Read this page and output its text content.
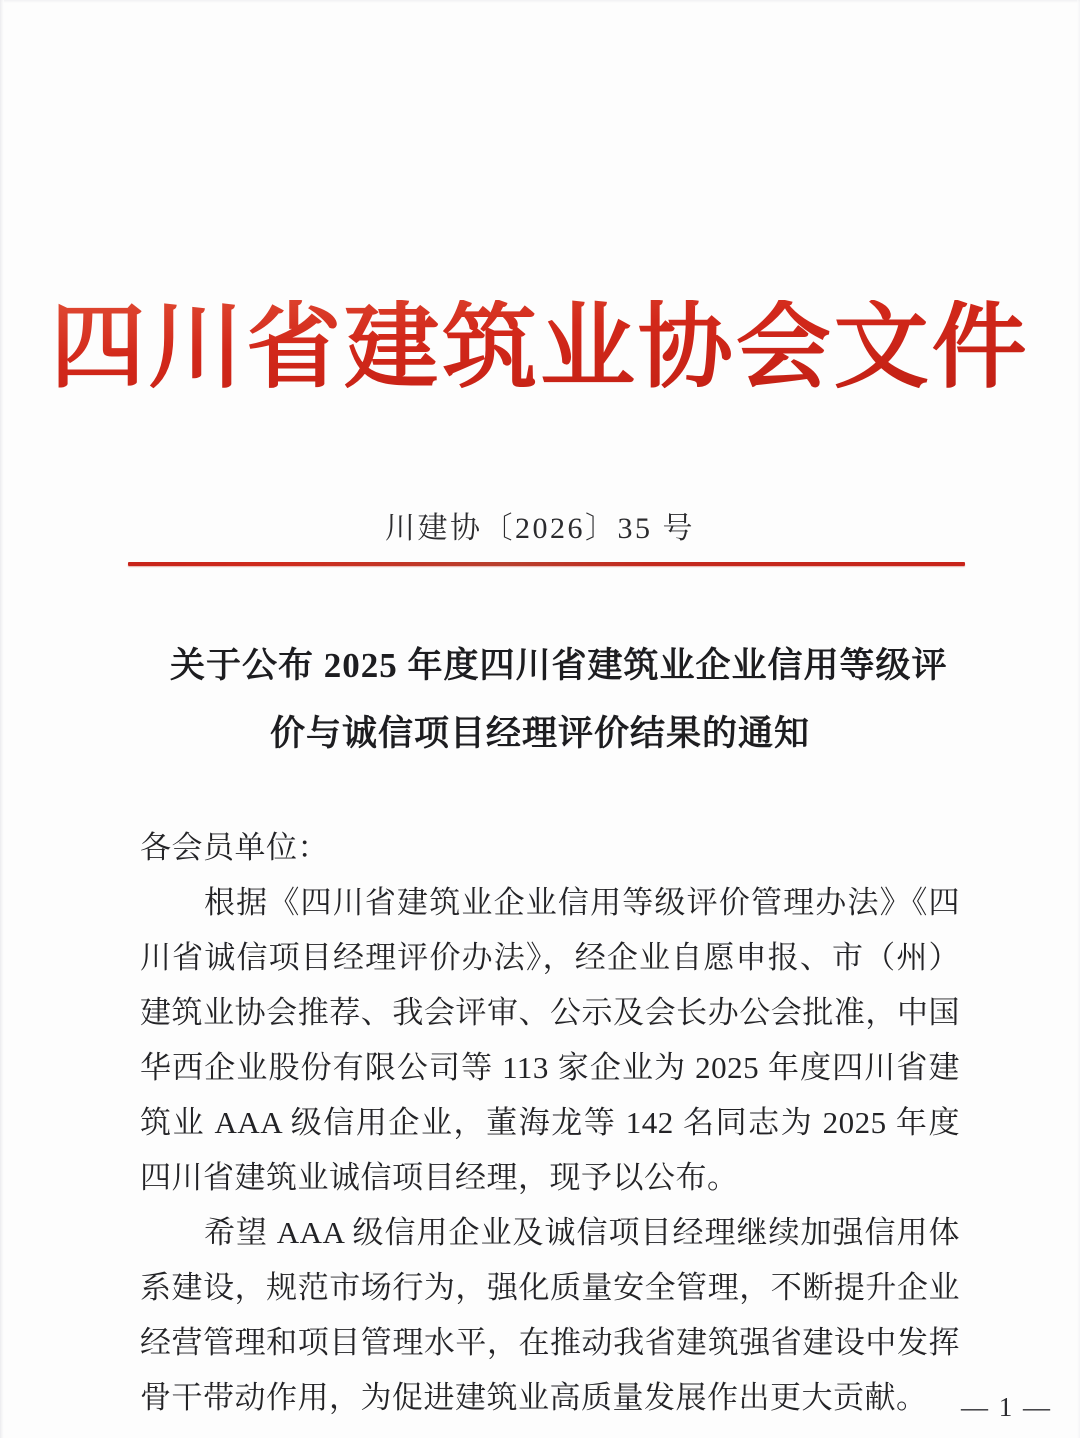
四川省建筑业协会文件
川建协〔2026〕35 号
关于公布 2025 年度四川省建筑业企业信用等级评
价与诚信项目经理评价结果的通知

各会员单位：

根据《四川省建筑业企业信用等级评价管理办法》《四川省诚信项目经理评价办法》，经企业自愿申报、市（州）建筑业协会推荐、我会评审、公示及会长办公会批准，中国华西企业股份有限公司等 113 家企业为 2025 年度四川省建筑业 AAA 级信用企业，董海龙等 142 名同志为 2025 年度四川省建筑业诚信项目经理，现予以公布。

希望 AAA 级信用企业及诚信项目经理继续加强信用体系建设，规范市场行为，强化质量安全管理，不断提升企业经营管理和项目管理水平，在推动我省建筑强省建设中发挥骨干带动作用，为促进建筑业高质量发展作出更大贡献。	— 1 —
